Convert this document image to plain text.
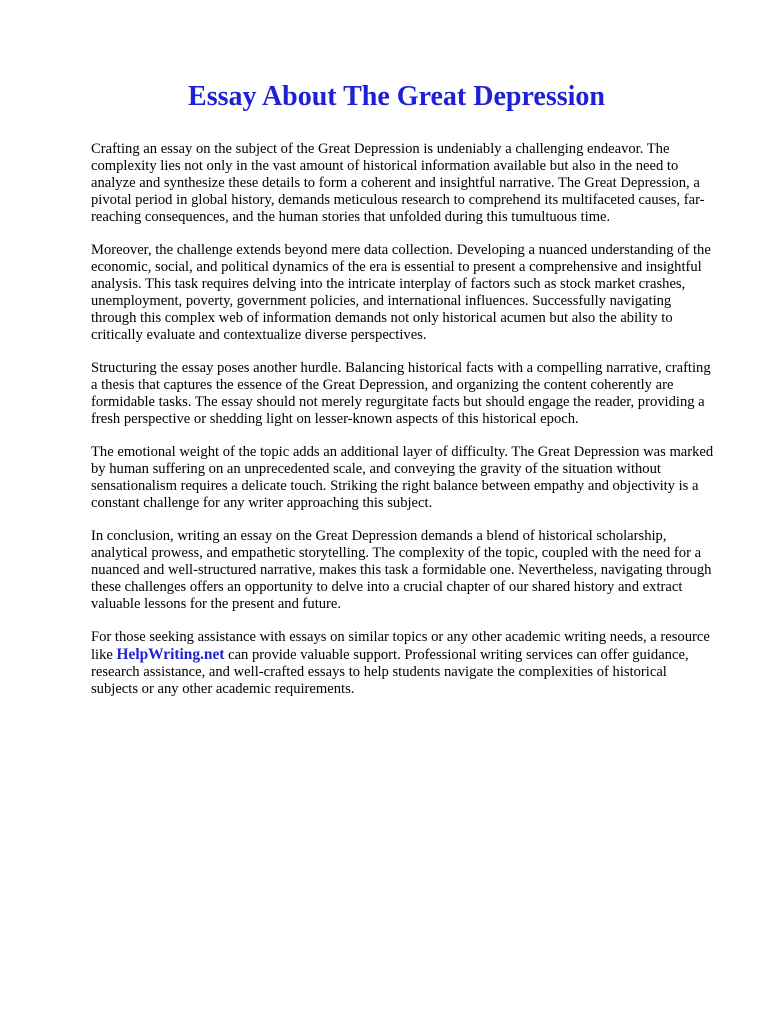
Essay About The Great Depression

Crafting an essay on the subject of the Great Depression is undeniably a challenging endeavor. The complexity lies not only in the vast amount of historical information available but also in the need to analyze and synthesize these details to form a coherent and insightful narrative. The Great Depression, a pivotal period in global history, demands meticulous research to comprehend its multifaceted causes, far-reaching consequences, and the human stories that unfolded during this tumultuous time.

Moreover, the challenge extends beyond mere data collection. Developing a nuanced understanding of the economic, social, and political dynamics of the era is essential to present a comprehensive and insightful analysis. This task requires delving into the intricate interplay of factors such as stock market crashes, unemployment, poverty, government policies, and international influences. Successfully navigating through this complex web of information demands not only historical acumen but also the ability to critically evaluate and contextualize diverse perspectives.

Structuring the essay poses another hurdle. Balancing historical facts with a compelling narrative, crafting a thesis that captures the essence of the Great Depression, and organizing the content coherently are formidable tasks. The essay should not merely regurgitate facts but should engage the reader, providing a fresh perspective or shedding light on lesser-known aspects of this historical epoch.

The emotional weight of the topic adds an additional layer of difficulty. The Great Depression was marked by human suffering on an unprecedented scale, and conveying the gravity of the situation without sensationalism requires a delicate touch. Striking the right balance between empathy and objectivity is a constant challenge for any writer approaching this subject.

In conclusion, writing an essay on the Great Depression demands a blend of historical scholarship, analytical prowess, and empathetic storytelling. The complexity of the topic, coupled with the need for a nuanced and well-structured narrative, makes this task a formidable one. Nevertheless, navigating through these challenges offers an opportunity to delve into a crucial chapter of our shared history and extract valuable lessons for the present and future.

For those seeking assistance with essays on similar topics or any other academic writing needs, a resource like HelpWriting.net can provide valuable support. Professional writing services can offer guidance, research assistance, and well-crafted essays to help students navigate the complexities of historical subjects or any other academic requirements.
